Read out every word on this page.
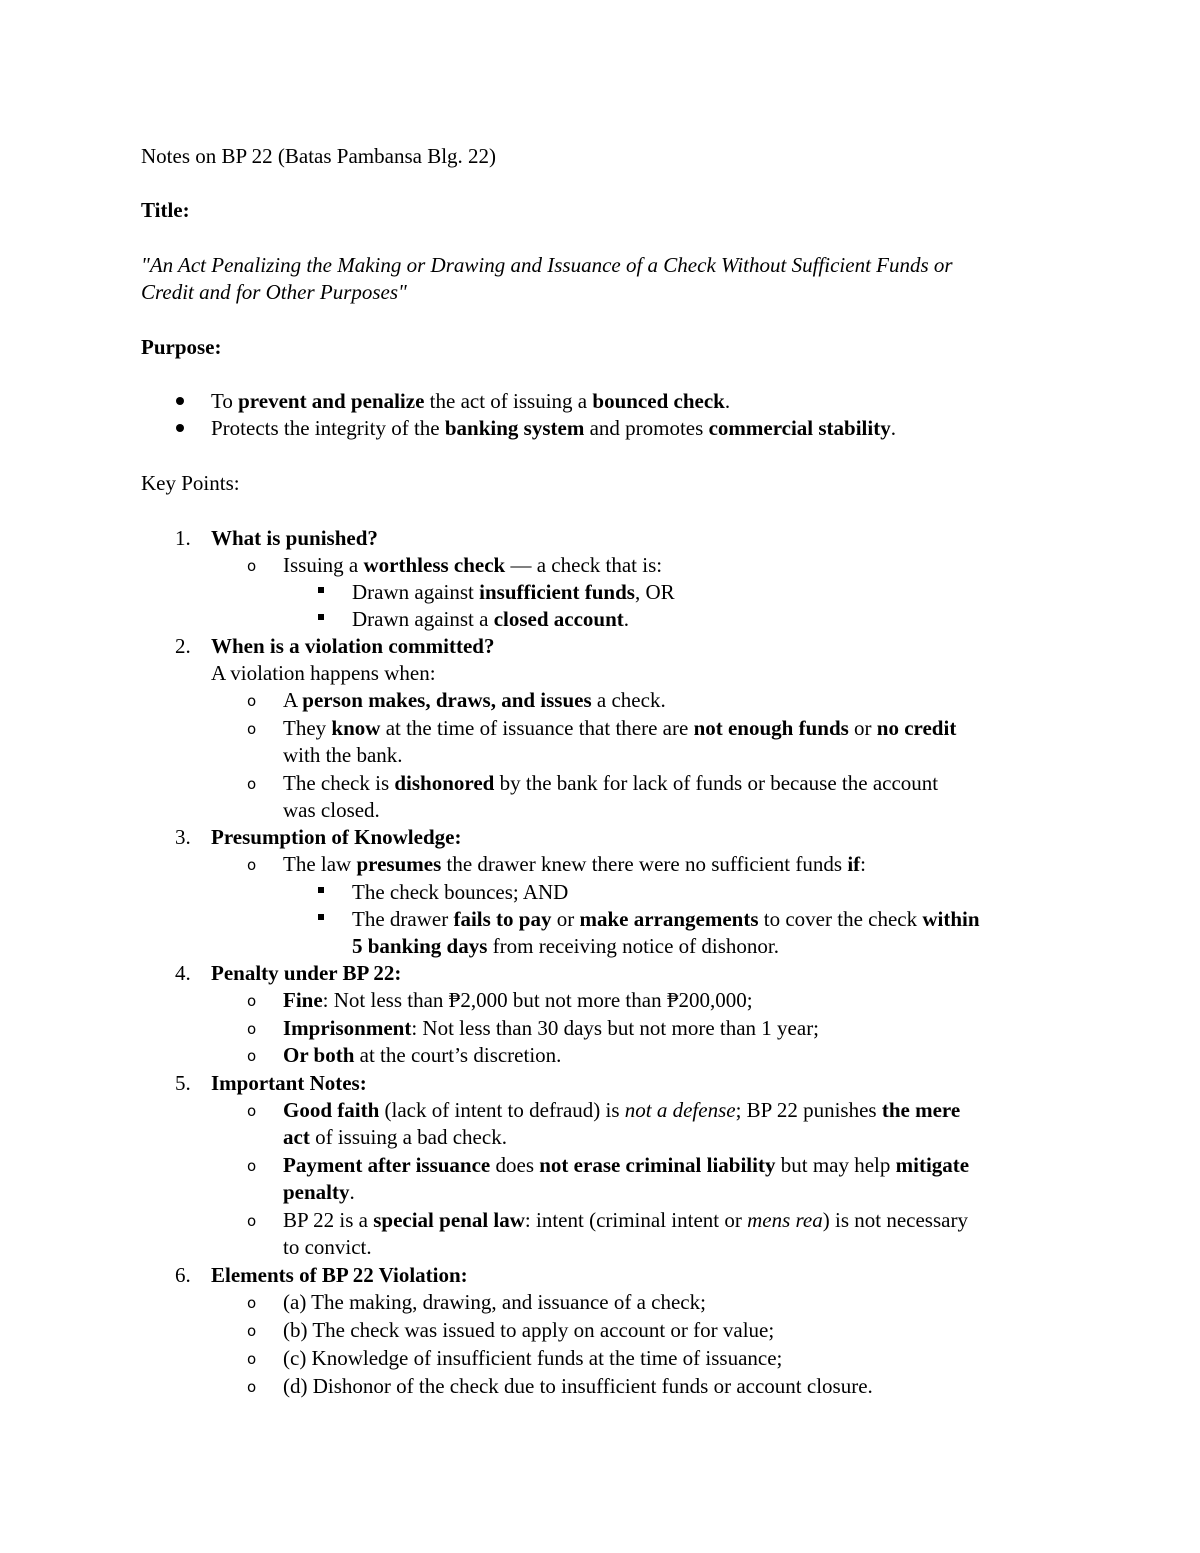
Notes on BP 22 (Batas Pambansa Blg. 22)

Title:

"An Act Penalizing the Making or Drawing and Issuance of a Check Without Sufficient Funds or

Credit and for Other Purposes"

Purpose:

To prevent and penalize the act of issuing a bounced check.

Protects the integrity of the banking system and promotes commercial stability.

Key Points:

1. What is punished?

o Issuing a worthless check — a check that is:

Drawn against insufficient funds, OR

Drawn against a closed account.

2. When is a violation committed?

A violation happens when:

o A person makes, draws, and issues a check.

o They know at the time of issuance that there are not enough funds or no credit

with the bank.

o The check is dishonored by the bank for lack of funds or because the account

was closed.

3. Presumption of Knowledge:

o The law presumes the drawer knew there were no sufficient funds if:

The check bounces; AND

The drawer fails to pay or make arrangements to cover the check within

5 banking days from receiving notice of dishonor.

4. Penalty under BP 22:

o Fine: Not less than ₱2,000 but not more than ₱200,000;

o Imprisonment: Not less than 30 days but not more than 1 year;

o Or both at the court’s discretion.

5. Important Notes:

o Good faith (lack of intent to defraud) is not a defense; BP 22 punishes the mere

act of issuing a bad check.

o Payment after issuance does not erase criminal liability but may help mitigate

penalty.

o BP 22 is a special penal law: intent (criminal intent or mens rea) is not necessary

to convict.

6. Elements of BP 22 Violation:

o (a) The making, drawing, and issuance of a check;

o (b) The check was issued to apply on account or for value;

o (c) Knowledge of insufficient funds at the time of issuance;

o (d) Dishonor of the check due to insufficient funds or account closure.
